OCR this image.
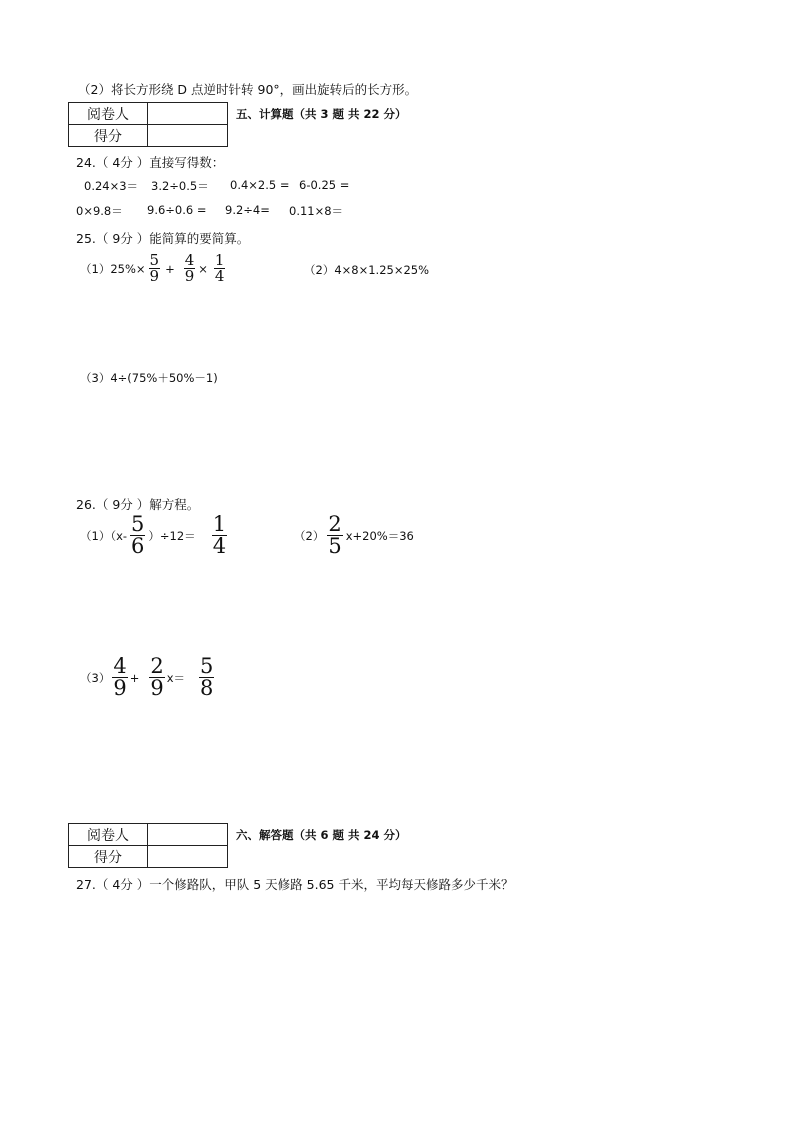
（2）将长方形绕 D 点逆时针转 90°，画出旋转后的长方形。
阅卷人	
得分	
五、计算题（共 3 题 共 22 分）
24.（ 4分 ）直接写得数：
0.24×3＝ 3.2÷0.5＝ 0.4×2.5 = 6-0.25 =
0×9.8＝ 9.6÷0.6 = 9.2÷4= 0.11×8＝
25.（ 9分 ）能简算的要简算。
$(1)25\%\times \frac{5}{9} + \frac{4}{9} \times \frac{1}{4}$	（2）4×8×1.25×25%
（3）4÷(75%＋50%－1)
26.（ 9分 ）解方程。
$(1)(x- \frac{5}{6} )\div 12= \frac{1}{4}$	$(2) \frac{2}{5} x+20\%=36$
$(3) \frac{4}{9} + \frac{2}{9} x= \frac{5}{8}$
阅卷人	
得分	
六、解答题（共 6 题 共 24 分）
27.（ 4分 ）一个修路队，甲队 5 天修路 5.65 千米，平均每天修路多少千米？
